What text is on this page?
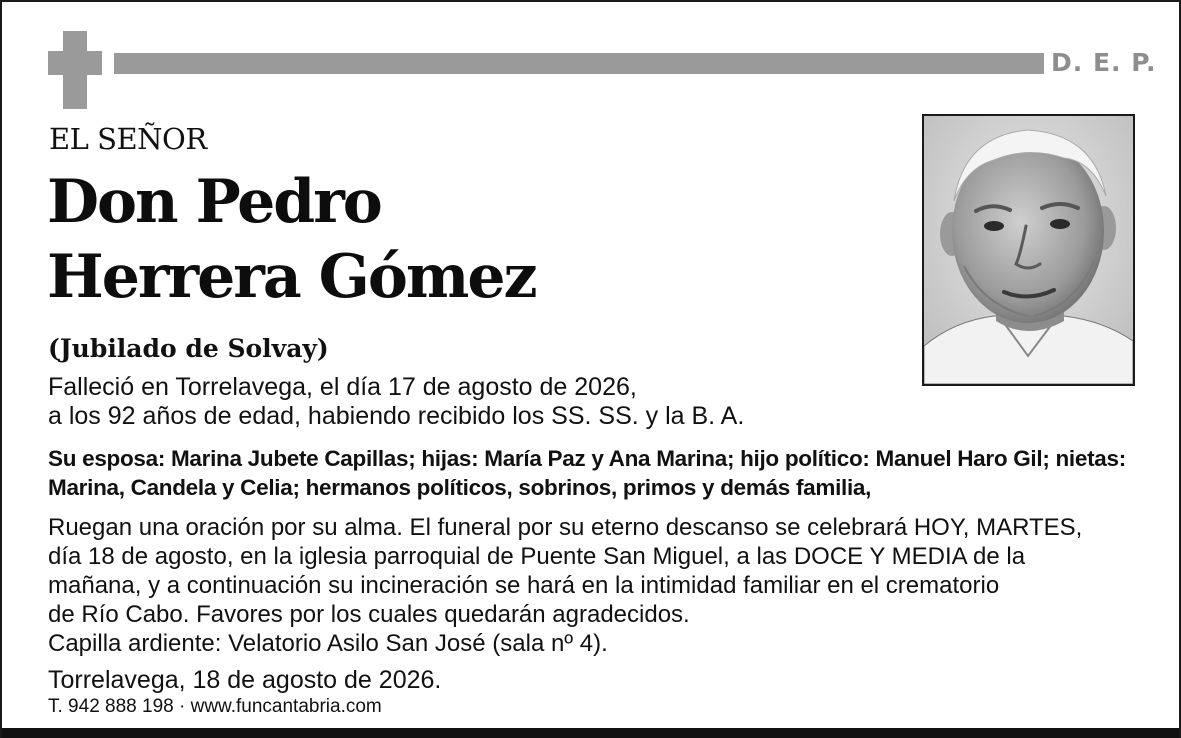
D. E. P.
EL SEÑOR
Don Pedro
Herrera Gómez
(Jubilado de Solvay)
Falleció en Torrelavega, el día 17 de agosto de 2026,
a los 92 años de edad, habiendo recibido los SS. SS. y la B. A.
Su esposa: Marina Jubete Capillas; hijas: María Paz y Ana Marina; hijo político: Manuel Haro Gil; nietas: Marina, Candela y Celia; hermanos políticos, sobrinos, primos y demás familia,
Ruegan una oración por su alma. El funeral por su eterno descanso se celebrará HOY, MARTES,
día 18 de agosto, en la iglesia parroquial de Puente San Miguel, a las DOCE Y MEDIA de la
mañana, y a continuación su incineración se hará en la intimidad familiar en el crematorio
de Río Cabo. Favores por los cuales quedarán agradecidos.
Capilla ardiente: Velatorio Asilo San José (sala nº 4).
Torrelavega, 18 de agosto de 2026.
T. 942 888 198 · www.funcantabria.com
